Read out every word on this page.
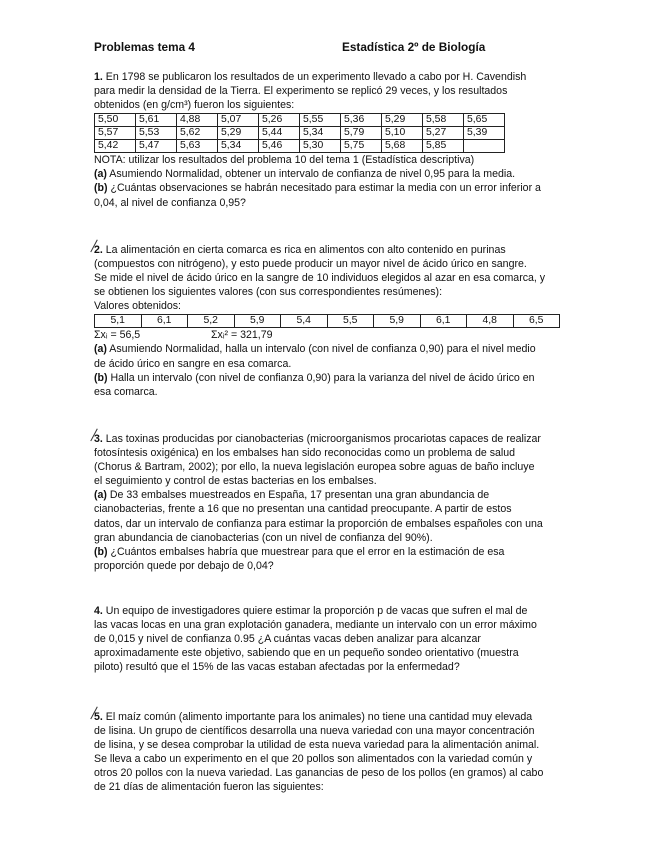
Problemas tema 4	Estadística 2º de Biología

1. En 1798 se publicaron los resultados de un experimento llevado a cabo por H. Cavendish

para medir la densidad de la Tierra. El experimento se replicó 29 veces, y los resultados

obtenidos (en g/cm³) fueron los siguientes:

5,50	5,61	4,88	5,07	5,26	5,55	5,36	5,29	5,58	5,65
5,57	5,53	5,62	5,29	5,44	5,34	5,79	5,10	5,27	5,39
5,42	5,47	5,63	5,34	5,46	5,30	5,75	5,68	5,85	

NOTA: utilizar los resultados del problema 10 del tema 1 (Estadística descriptiva)

(a) Asumiendo Normalidad, obtener un intervalo de confianza de nivel 0,95 para la media.

(b) ¿Cuántas observaciones se habrán necesitado para estimar la media con un error inferior a

0,04, al nivel de confianza 0,95?

2. La alimentación en cierta comarca es rica en alimentos con alto contenido en purinas

(compuestos con nitrógeno), y esto puede producir un mayor nivel de ácido úrico en sangre.

Se mide el nivel de ácido úrico en la sangre de 10 individuos elegidos al azar en esa comarca, y

se obtienen los siguientes valores (con sus correspondientes resúmenes):

Valores obtenidos:

5,1	6,1	5,2	5,9	5,4	5,5	5,9	6,1	4,8	6,5
Σxᵢ = 56,5	Σxᵢ² = 321,79

(a) Asumiendo Normalidad, halla un intervalo (con nivel de confianza 0,90) para el nivel medio

de ácido úrico en sangre en esa comarca.

(b) Halla un intervalo (con nivel de confianza 0,90) para la varianza del nivel de ácido úrico en

esa comarca.

3. Las toxinas producidas por cianobacterias (microorganismos procariotas capaces de realizar

fotosíntesis oxigénica) en los embalses han sido reconocidas como un problema de salud

(Chorus & Bartram, 2002); por ello, la nueva legislación europea sobre aguas de baño incluye

el seguimiento y control de estas bacterias en los embalses.

(a) De 33 embalses muestreados en España, 17 presentan una gran abundancia de

cianobacterias, frente a 16 que no presentan una cantidad preocupante. A partir de estos

datos, dar un intervalo de confianza para estimar la proporción de embalses españoles con una

gran abundancia de cianobacterias (con un nivel de confianza del 90%).

(b) ¿Cuántos embalses habría que muestrear para que el error en la estimación de esa

proporción quede por debajo de 0,04?

4. Un equipo de investigadores quiere estimar la proporción p de vacas que sufren el mal de

las vacas locas en una gran explotación ganadera, mediante un intervalo con un error máximo

de 0,015 y nivel de confianza 0.95 ¿A cuántas vacas deben analizar para alcanzar

aproximadamente este objetivo, sabiendo que en un pequeño sondeo orientativo (muestra

piloto) resultó que el 15% de las vacas estaban afectadas por la enfermedad?

5. El maíz común (alimento importante para los animales) no tiene una cantidad muy elevada

de lisina. Un grupo de científicos desarrolla una nueva variedad con una mayor concentración

de lisina, y se desea comprobar la utilidad de esta nueva variedad para la alimentación animal.

Se lleva a cabo un experimento en el que 20 pollos son alimentados con la variedad común y

otros 20 pollos con la nueva variedad. Las ganancias de peso de los pollos (en gramos) al cabo

de 21 días de alimentación fueron las siguientes:
